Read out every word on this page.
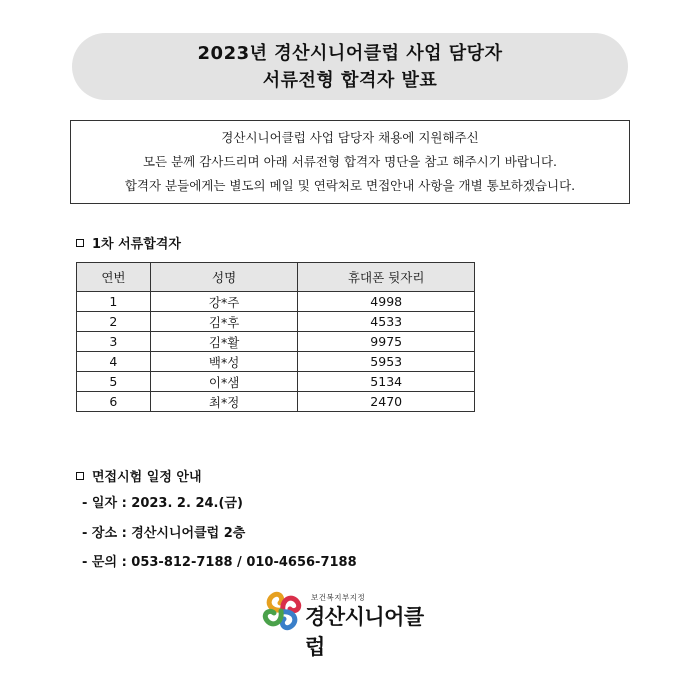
2023년 경산시니어클럽 사업 담당자
서류전형 합격자 발표
경산시니어클럽 사업 담당자 채용에 지원해주신
모든 분께 감사드리며 아래 서류전형 합격자 명단을 참고 해주시기 바랍니다.
합격자 분들에게는 별도의 메일 및 연락처로 면접안내 사항을 개별 통보하겠습니다.
1차 서류합격자
연번	성명	휴대폰 뒷자리
1	강*주	4998
2	김*후	4533
3	김*활	9975
4	백*성	5953
5	이*샘	5134
6	최*정	2470
면접시험 일정 안내
- 일자 : 2023. 2. 24.(금)
- 장소 : 경산시니어클럽 2층
- 문의 : 053-812-7188 / 010-4656-7188
보건복지부지정
경산시니어클럽
